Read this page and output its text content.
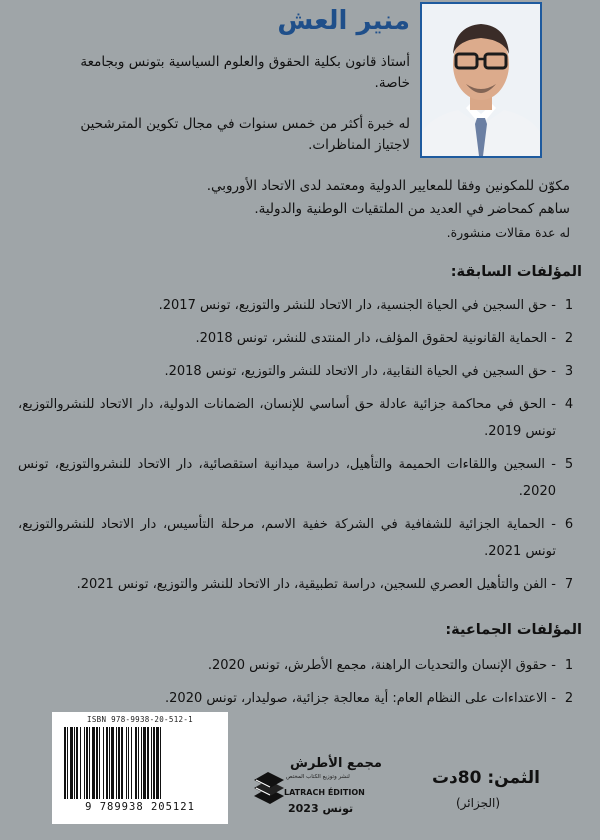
منير العش

أستاذ قانون بكلية الحقوق والعلوم السياسية بتونس وبجامعة خاصة.

له خبرة أكثر من خمس سنوات في مجال تكوين المترشحين لاجتياز المناظرات.

مكوّن للمكونين وفقا للمعايير الدولية ومعتمد لدى الاتحاد الأوروبي.

ساهم كمحاضر في العديد من الملتقيات الوطنية والدولية.

له عدة مقالات منشورة.

المؤلفات السابقة:
1
- حق السجين في الحياة الجنسية، دار الاتحاد للنشر والتوزيع، تونس 2017.
2
- الحماية القانونية لحقوق المؤلف، دار المنتدى للنشر، تونس 2018.
3
- حق السجين في الحياة النقابية، دار الاتحاد للنشر والتوزيع، تونس 2018.
4
- الحق في محاكمة جزائية عادلة حق أساسي للإنسان، الضمانات الدولية، دار الاتحاد للنشروالتوزيع، تونس 2019.
5
- السجين واللقاءات الحميمة والتأهيل، دراسة ميدانية استقصائية، دار الاتحاد للنشروالتوزيع، تونس 2020.
6
- الحماية الجزائية للشفافية في الشركة خفية الاسم، مرحلة التأسيس، دار الاتحاد للنشروالتوزيع، تونس 2021.
7
- الفن والتأهيل العصري للسجين، دراسة تطبيقية، دار الاتحاد للنشر والتوزيع، تونس 2021.
المؤلفات الجماعية:
1
- حقوق الإنسان والتحديات الراهنة، مجمع الأطرش، تونس 2020.
2
- الاعتداءات على النظام العام: أية معالجة جزائية، صوليدار، تونس 2020.
ISBN 978-9938-20-512-1
9 789938 205121
مجمع الأطرش
لنشر وتوزيع الكتاب المختص
LATRACH ÉDITION
تونس 2023

الثمن: 80دت

(الجزائر)
